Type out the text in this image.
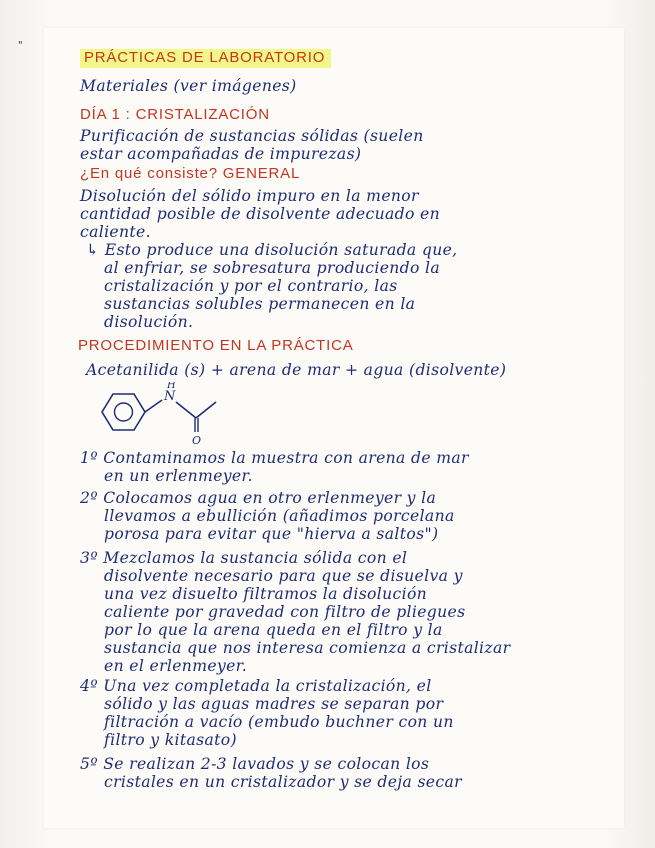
"
PRÁCTICAS DE LABORATORIO
Materiales (ver imágenes)
DÍA 1 : CRISTALIZACIÓN
Purificación de sustancias sólidas (suelen
estar acompañadas de impurezas)
¿En qué consiste? GENERAL
Disolución del sólido impuro en la menor
cantidad posible de disolvente adecuado en
caliente.
↳ Esto produce una disolución saturada que,
al enfriar, se sobresatura produciendo la
cristalización y por el contrario, las
sustancias solubles permanecen en la
disolución.
PROCEDIMIENTO EN LA PRÁCTICA
Acetanilida (s) + arena de mar + agua (disolvente)
N
H
O
1º Contaminamos la muestra con arena de mar
en un erlenmeyer.
2º Colocamos agua en otro erlenmeyer y la
llevamos a ebullición (añadimos porcelana
porosa para evitar que "hierva a saltos")
3º Mezclamos la sustancia sólida con el
disolvente necesario para que se disuelva y
una vez disuelto filtramos la disolución
caliente por gravedad con filtro de pliegues
por lo que la arena queda en el filtro y la
sustancia que nos interesa comienza a cristalizar
en el erlenmeyer.
4º Una vez completada la cristalización, el
sólido y las aguas madres se separan por
filtración a vacío (embudo buchner con un
filtro y kitasato)
5º Se realizan 2-3 lavados y se colocan los
cristales en un cristalizador y se deja secar
